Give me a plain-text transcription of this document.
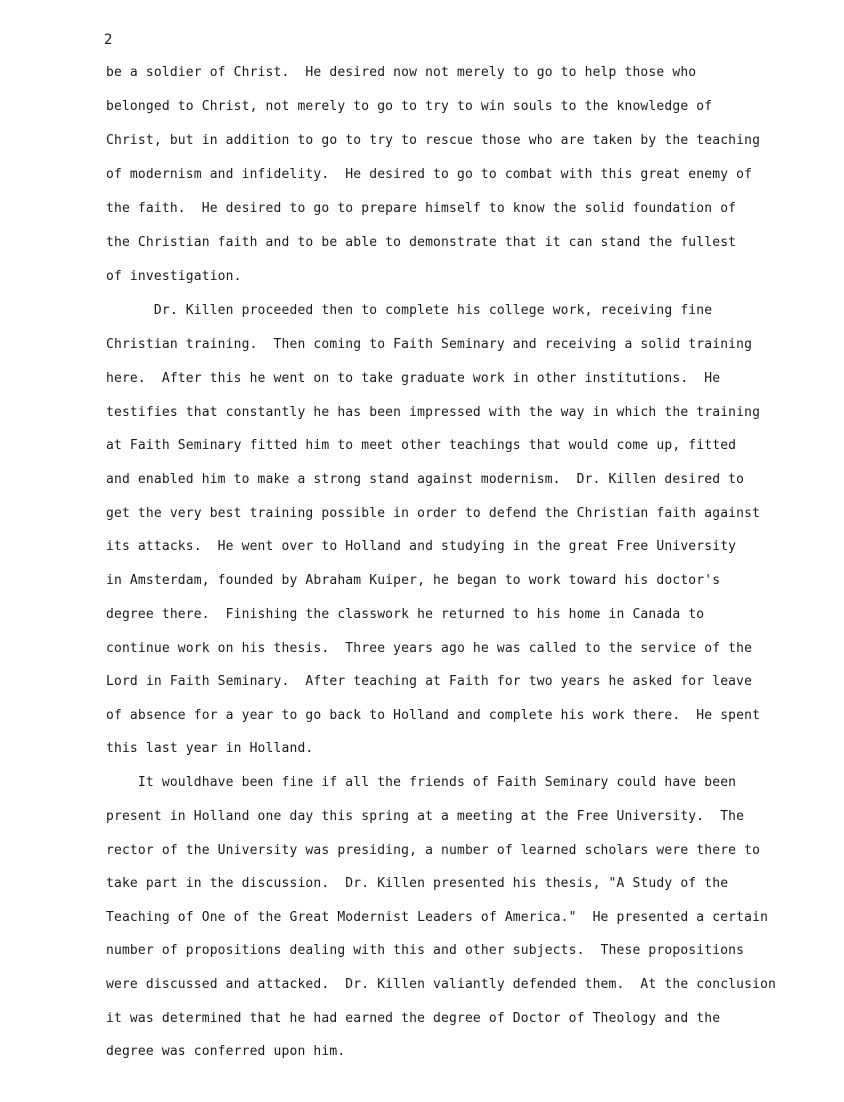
2

be a soldier of Christ.  He desired now not merely to go to help those who

belonged to Christ, not merely to go to try to win souls to the knowledge of

Christ, but in addition to go to try to rescue those who are taken by the teaching

of modernism and infidelity.  He desired to go to combat with this great enemy of

the faith.  He desired to go to prepare himself to know the solid foundation of

the Christian faith and to be able to demonstrate that it can stand the fullest

of investigation.

Dr. Killen proceeded then to complete his college work, receiving fine

Christian training.  Then coming to Faith Seminary and receiving a solid training

here.  After this he went on to take graduate work in other institutions.  He

testifies that constantly he has been impressed with the way in which the training

at Faith Seminary fitted him to meet other teachings that would come up, fitted

and enabled him to make a strong stand against modernism.  Dr. Killen desired to

get the very best training possible in order to defend the Christian faith against

its attacks.  He went over to Holland and studying in the great Free University

in Amsterdam, founded by Abraham Kuiper, he began to work toward his doctor's

degree there.  Finishing the classwork he returned to his home in Canada to

continue work on his thesis.  Three years ago he was called to the service of the

Lord in Faith Seminary.  After teaching at Faith for two years he asked for leave

of absence for a year to go back to Holland and complete his work there.  He spent

this last year in Holland.

It wouldhave been fine if all the friends of Faith Seminary could have been

present in Holland one day this spring at a meeting at the Free University.  The

rector of the University was presiding, a number of learned scholars were there to

take part in the discussion.  Dr. Killen presented his thesis, "A Study of the

Teaching of One of the Great Modernist Leaders of America."  He presented a certain

number of propositions dealing with this and other subjects.  These propositions

were discussed and attacked.  Dr. Killen valiantly defended them.  At the conclusion

it was determined that he had earned the degree of Doctor of Theology and the

degree was conferred upon him.
